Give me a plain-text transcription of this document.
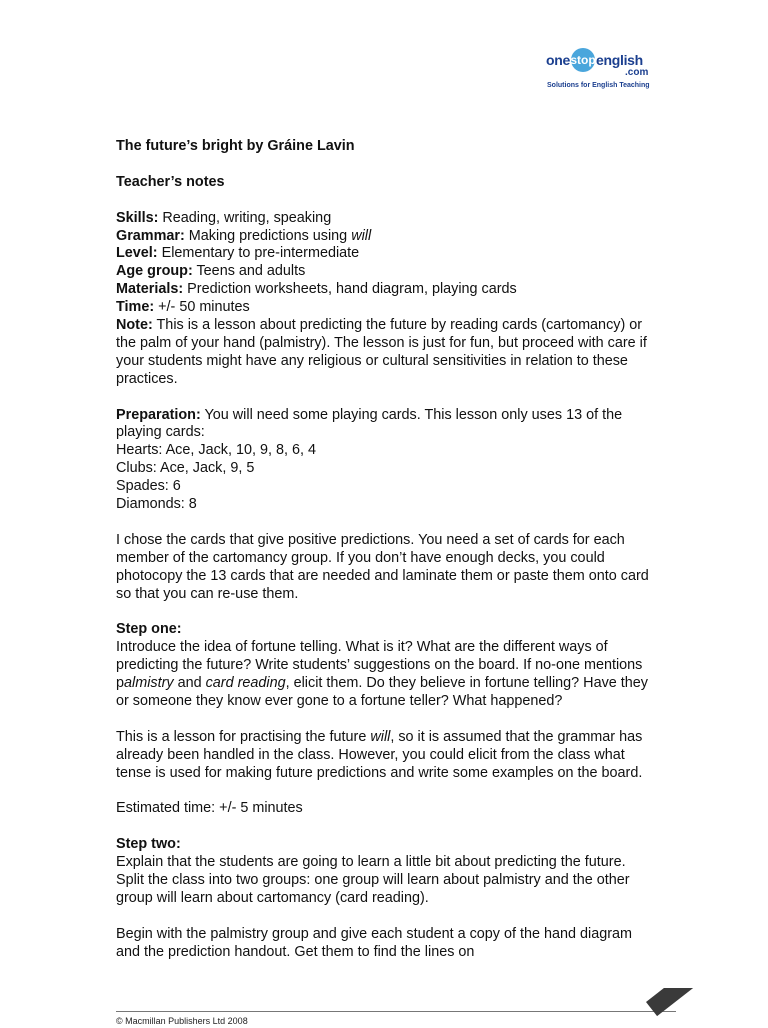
one stop english
.com
Solutions for English Teaching

The future’s bright by Gráine Lavin

Teacher’s notes

Skills: Reading, writing, speaking

Grammar: Making predictions using will

Level: Elementary to pre-intermediate

Age group: Teens and adults

Materials: Prediction worksheets, hand diagram, playing cards

Time: +/- 50 minutes

Note: This is a lesson about predicting the future by reading cards (cartomancy) or the palm of your hand (palmistry). The lesson is just for fun, but proceed with care if your students might have any religious or cultural sensitivities in relation to these practices.

Preparation: You will need some playing cards. This lesson only uses 13 of the playing cards:

Hearts: Ace, Jack, 10, 9, 8, 6, 4

Clubs: Ace, Jack, 9, 5

Spades: 6

Diamonds: 8

I chose the cards that give positive predictions. You need a set of cards for each member of the cartomancy group. If you don’t have enough decks, you could photocopy the 13 cards that are needed and laminate them or paste them onto card so that you can re-use them.

Step one:

Introduce the idea of fortune telling. What is it? What are the different ways of predicting the future? Write students’ suggestions on the board. If no-one mentions palmistry and card reading, elicit them. Do they believe in fortune telling? Have they or someone they know ever gone to a fortune teller? What happened?

This is a lesson for practising the future will, so it is assumed that the grammar has already been handled in the class. However, you could elicit from the class what tense is used for making future predictions and write some examples on the board.

Estimated time: +/- 5 minutes

Step two:

Explain that the students are going to learn a little bit about predicting the future. Split the class into two groups: one group will learn about palmistry and the other group will learn about cartomancy (card reading).

Begin with the palmistry group and give each student a copy of the hand diagram and the prediction handout. Get them to find the lines on

© Macmillan Publishers Ltd 2008
